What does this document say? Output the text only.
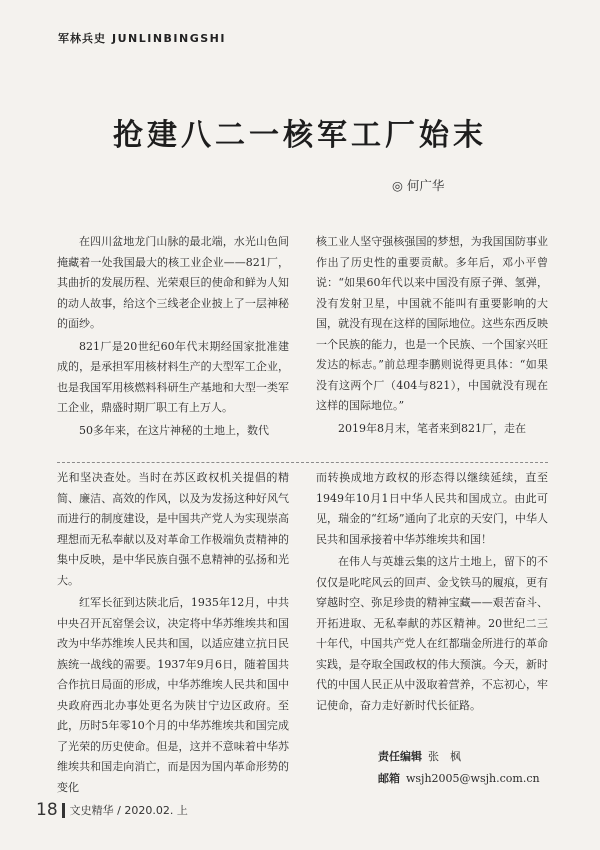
军林兵史 JUNLINBINGSHI
抢建八二一核军工厂始末
◎ 何广华

在四川盆地龙门山脉的最北端，水光山色间掩藏着一处我国最大的核工业企业——821厂，其曲折的发展历程、光荣艰巨的使命和鲜为人知的动人故事，给这个三线老企业披上了一层神秘的面纱。

821厂是20世纪60年代末期经国家批准建成的，是承担军用核材料生产的大型军工企业，也是我国军用核燃料科研生产基地和大型一类军工企业，鼎盛时期厂职工有上万人。

50多年来，在这片神秘的土地上，数代

核工业人坚守强核强国的梦想，为我国国防事业作出了历史性的重要贡献。多年后，邓小平曾说：“如果60年代以来中国没有原子弹、氢弹，没有发射卫星，中国就不能叫有重要影响的大国，就没有现在这样的国际地位。这些东西反映一个民族的能力，也是一个民族、一个国家兴旺发达的标志。”前总理李鹏则说得更具体：“如果没有这两个厂（404与821），中国就没有现在这样的国际地位。”

2019年8月末，笔者来到821厂，走在

光和坚决查处。当时在苏区政权机关提倡的精简、廉洁、高效的作风，以及为发扬这种好风气而进行的制度建设，是中国共产党人为实现崇高理想而无私奉献以及对革命工作极端负责精神的集中反映，是中华民族自强不息精神的弘扬和光大。

红军长征到达陕北后，1935年12月，中共中央召开瓦窑堡会议，决定将中华苏维埃共和国改为中华苏维埃人民共和国，以适应建立抗日民族统一战线的需要。1937年9月6日，随着国共合作抗日局面的形成，中华苏维埃人民共和国中央政府西北办事处更名为陕甘宁边区政府。至此，历时5年零10个月的中华苏维埃共和国完成了光荣的历史使命。但是，这并不意味着中华苏维埃共和国走向消亡，而是因为国内革命形势的变化

而转换成地方政权的形态得以继续延续，直至1949年10月1日中华人民共和国成立。由此可见，瑞金的“红场”通向了北京的天安门，中华人民共和国承接着中华苏维埃共和国！

在伟人与英雄云集的这片土地上，留下的不仅仅是叱咤风云的回声、金戈铁马的履痕，更有穿越时空、弥足珍贵的精神宝藏——艰苦奋斗、开拓进取、无私奉献的苏区精神。20世纪二三十年代，中国共产党人在红都瑞金所进行的革命实践，是夺取全国政权的伟大预演。今天，新时代的中国人民正从中汲取着营养，不忘初心，牢记使命，奋力走好新时代长征路。

责任编辑 张　枫
邮箱 wsjh2005@wsjh.com.cn
18 文史精华 / 2020.02. 上
